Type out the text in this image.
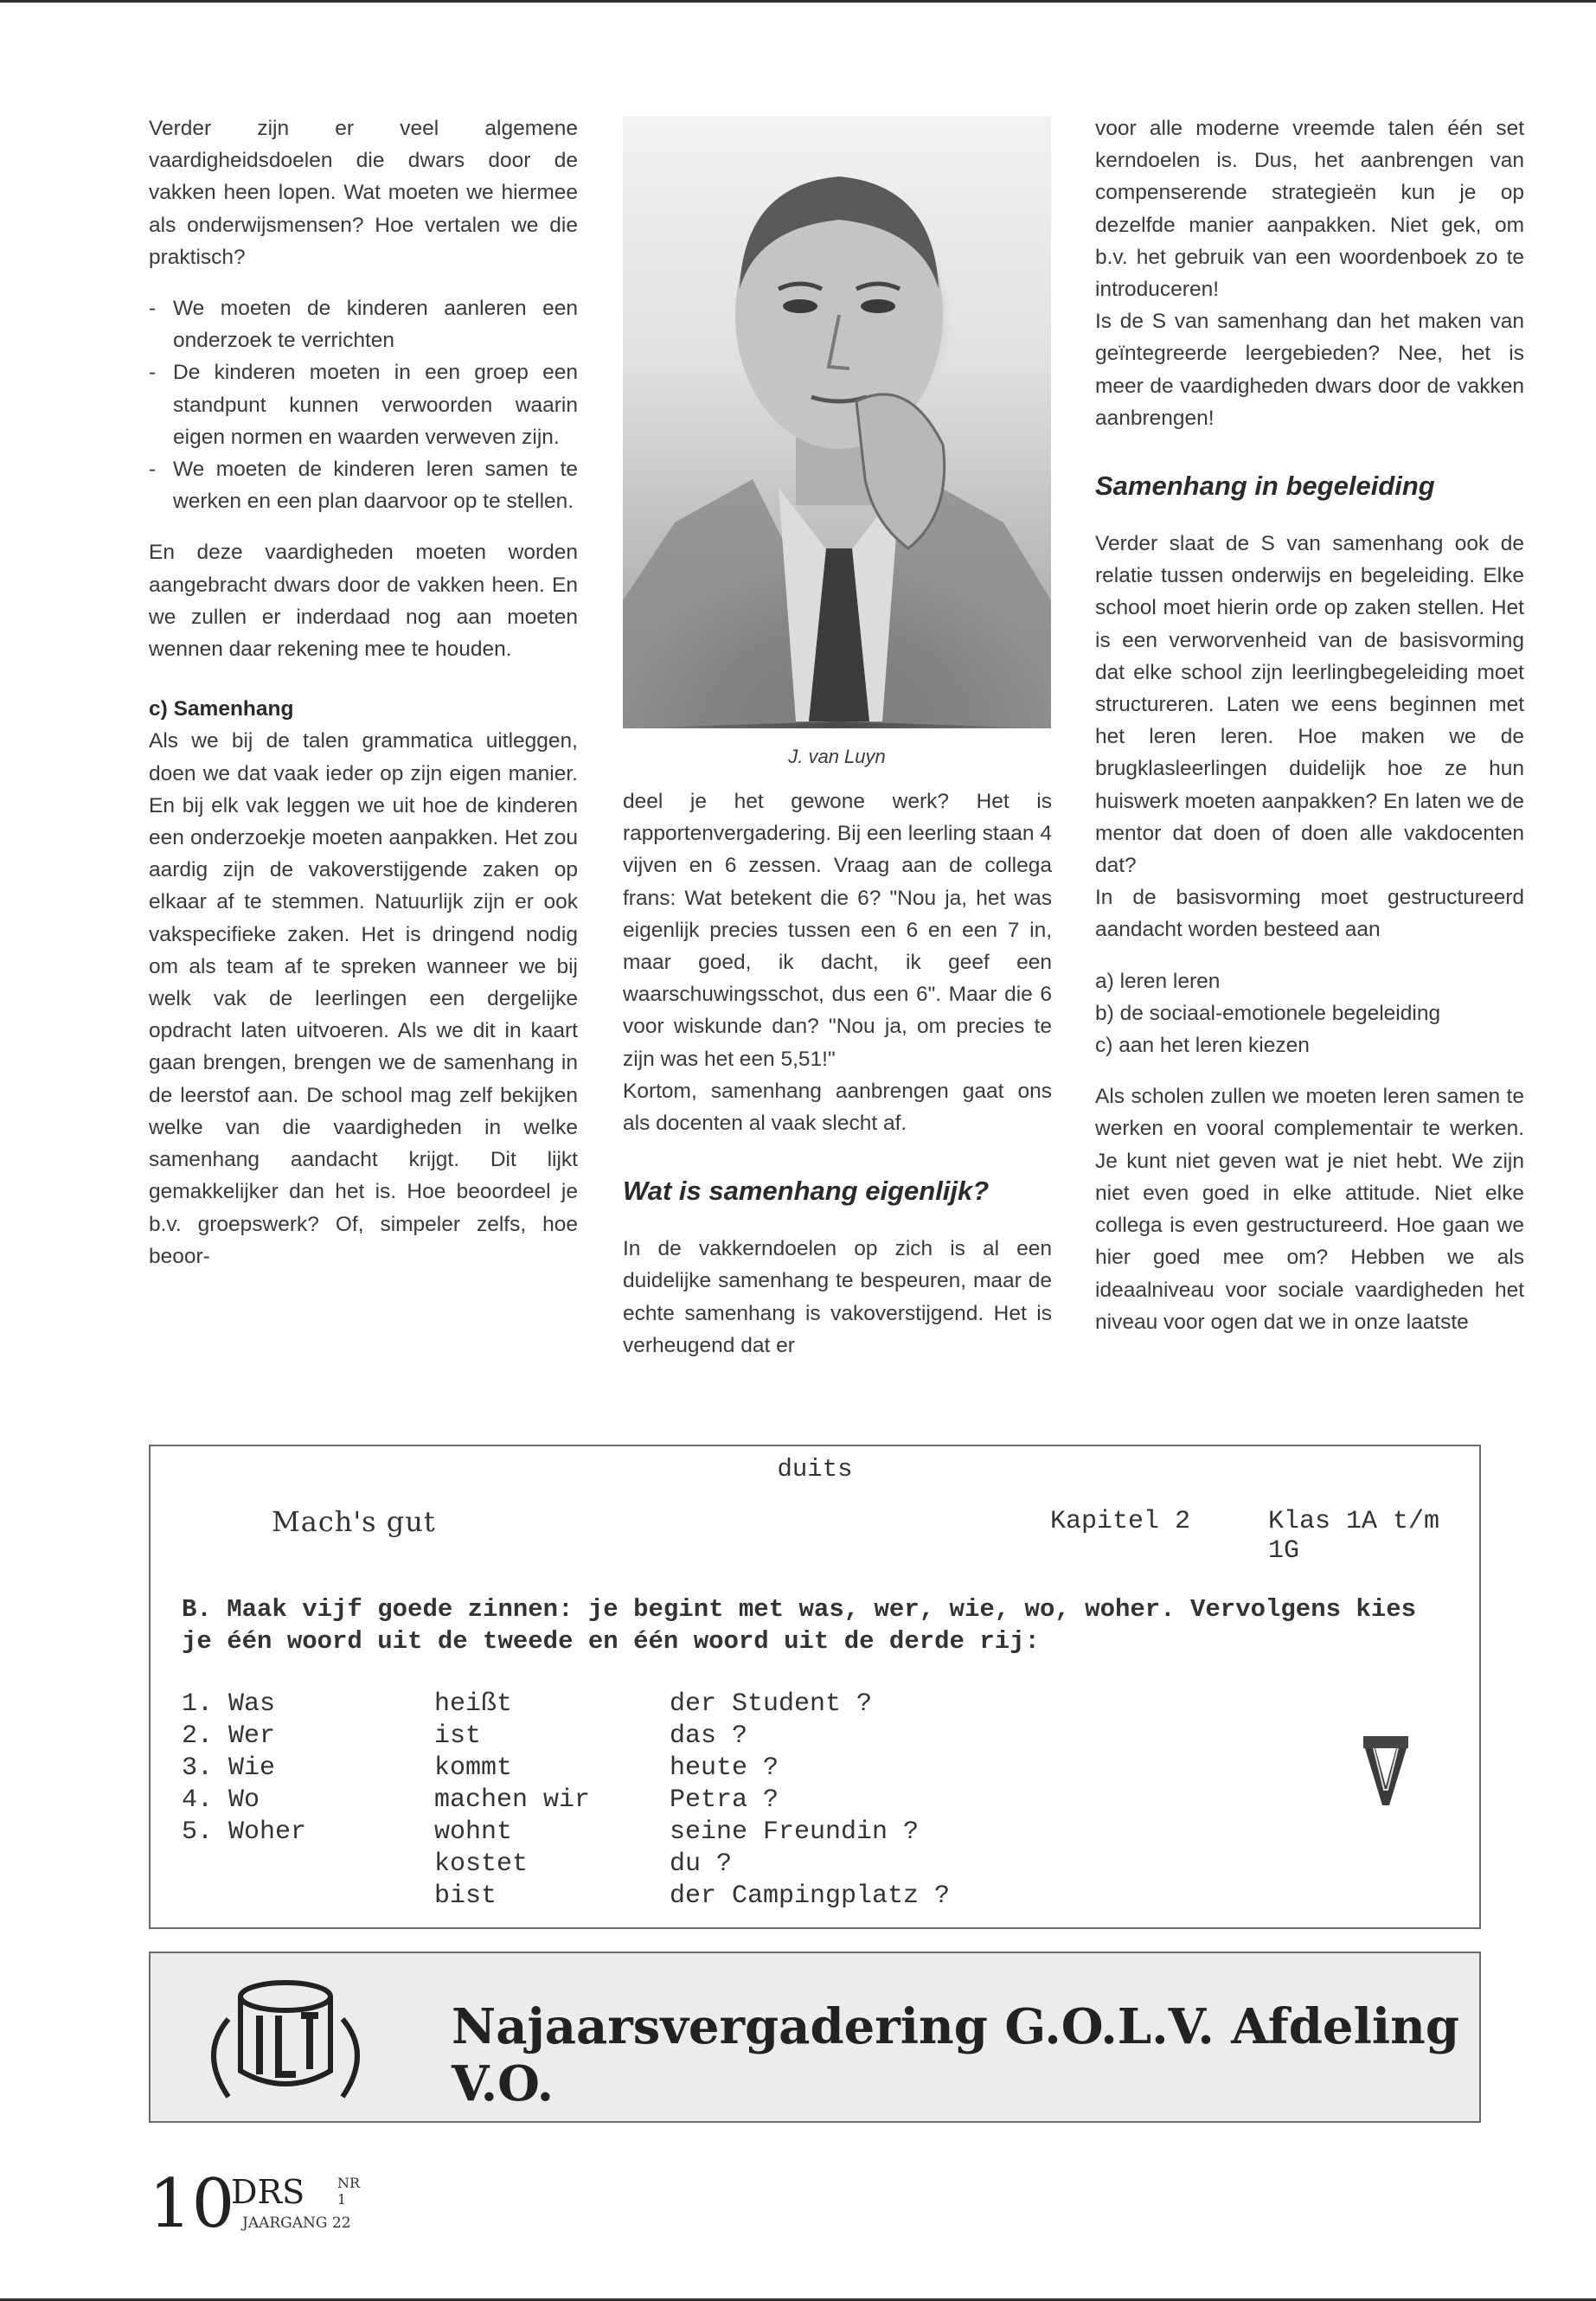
Verder zijn er veel algemene vaardigheidsdoelen die dwars door de vakken heen lopen. Wat moeten we hiermee als onderwijsmensen? Hoe vertalen we die praktisch?

- We moeten de kinderen aanleren een onderzoek te verrichten
- De kinderen moeten in een groep een standpunt kunnen verwoorden waarin eigen normen en waarden verweven zijn.
- We moeten de kinderen leren samen te werken en een plan daarvoor op te stellen.

En deze vaardigheden moeten worden aangebracht dwars door de vakken heen. En we zullen er inderdaad nog aan moeten wennen daar rekening mee te houden.

c) Samenhang

Als we bij de talen grammatica uitleggen, doen we dat vaak ieder op zijn eigen manier. En bij elk vak leggen we uit hoe de kinderen een onderzoekje moeten aanpakken. Het zou aardig zijn de vakoverstijgende zaken op elkaar af te stemmen. Natuurlijk zijn er ook vakspecifieke zaken. Het is dringend nodig om als team af te spreken wanneer we bij welk vak de leerlingen een dergelijke opdracht laten uitvoeren. Als we dit in kaart gaan brengen, brengen we de samenhang in de leerstof aan. De school mag zelf bekijken welke van die vaardigheden in welke samenhang aandacht krijgt. Dit lijkt gemakkelijker dan het is. Hoe beoordeel je b.v. groepswerk? Of, simpeler zelfs, hoe beoor-

J. van Luyn

deel je het gewone werk? Het is rapportenvergadering. Bij een leerling staan 4 vijven en 6 zessen. Vraag aan de collega frans: Wat betekent die 6? "Nou ja, het was eigenlijk precies tussen een 6 en een 7 in, maar goed, ik dacht, ik geef een waarschuwingsschot, dus een 6". Maar die 6 voor wiskunde dan? "Nou ja, om precies te zijn was het een 5,51!"

Kortom, samenhang aanbrengen gaat ons als docenten al vaak slecht af.

Wat is samenhang eigenlijk?

In de vakkerndoelen op zich is al een duidelijke samenhang te bespeuren, maar de echte samenhang is vakoverstijgend. Het is verheugend dat er

voor alle moderne vreemde talen één set kerndoelen is. Dus, het aanbrengen van compenserende strategieën kun je op dezelfde manier aanpakken. Niet gek, om b.v. het gebruik van een woordenboek zo te introduceren!

Is de S van samenhang dan het maken van geïntegreerde leergebieden? Nee, het is meer de vaardigheden dwars door de vakken aanbrengen!

Samenhang in begeleiding

Verder slaat de S van samenhang ook de relatie tussen onderwijs en begeleiding. Elke school moet hierin orde op zaken stellen. Het is een verworvenheid van de basisvorming dat elke school zijn leerlingbegeleiding moet structureren. Laten we eens beginnen met het leren leren. Hoe maken we de brugklasleerlingen duidelijk hoe ze hun huiswerk moeten aanpakken? En laten we de mentor dat doen of doen alle vakdocenten dat?

In de basisvorming moet gestructureerd aandacht worden besteed aan

a) leren leren
b) de sociaal-emotionele begeleiding
c) aan het leren kiezen

Als scholen zullen we moeten leren samen te werken en vooral complementair te werken. Je kunt niet geven wat je niet hebt. We zijn niet even goed in elke attitude. Niet elke collega is even gestructureerd. Hoe gaan we hier goed mee om? Hebben we als ideaalniveau voor sociale vaardigheden het niveau voor ogen dat we in onze laatste

duits
Mach's gut	Kapitel 2	Klas 1A t/m 1G
B. Maak vijf goede zinnen: je begint met was, wer, wie, wo, woher. Vervolgens kies je één woord uit de tweede en één woord uit de derde rij:
1. Was
2. Wer
3. Wie
4. Wo
5. Woher
heißt
ist
kommt
machen wir
wohnt
kostet
bist
der Student ?
das ?
heute ?
Petra ?
seine Freundin ?
du ?
der Campingplatz ?
Najaarsvergadering G.O.L.V. Afdeling V.O.
10
DRS NR 1
JAARGANG 22
